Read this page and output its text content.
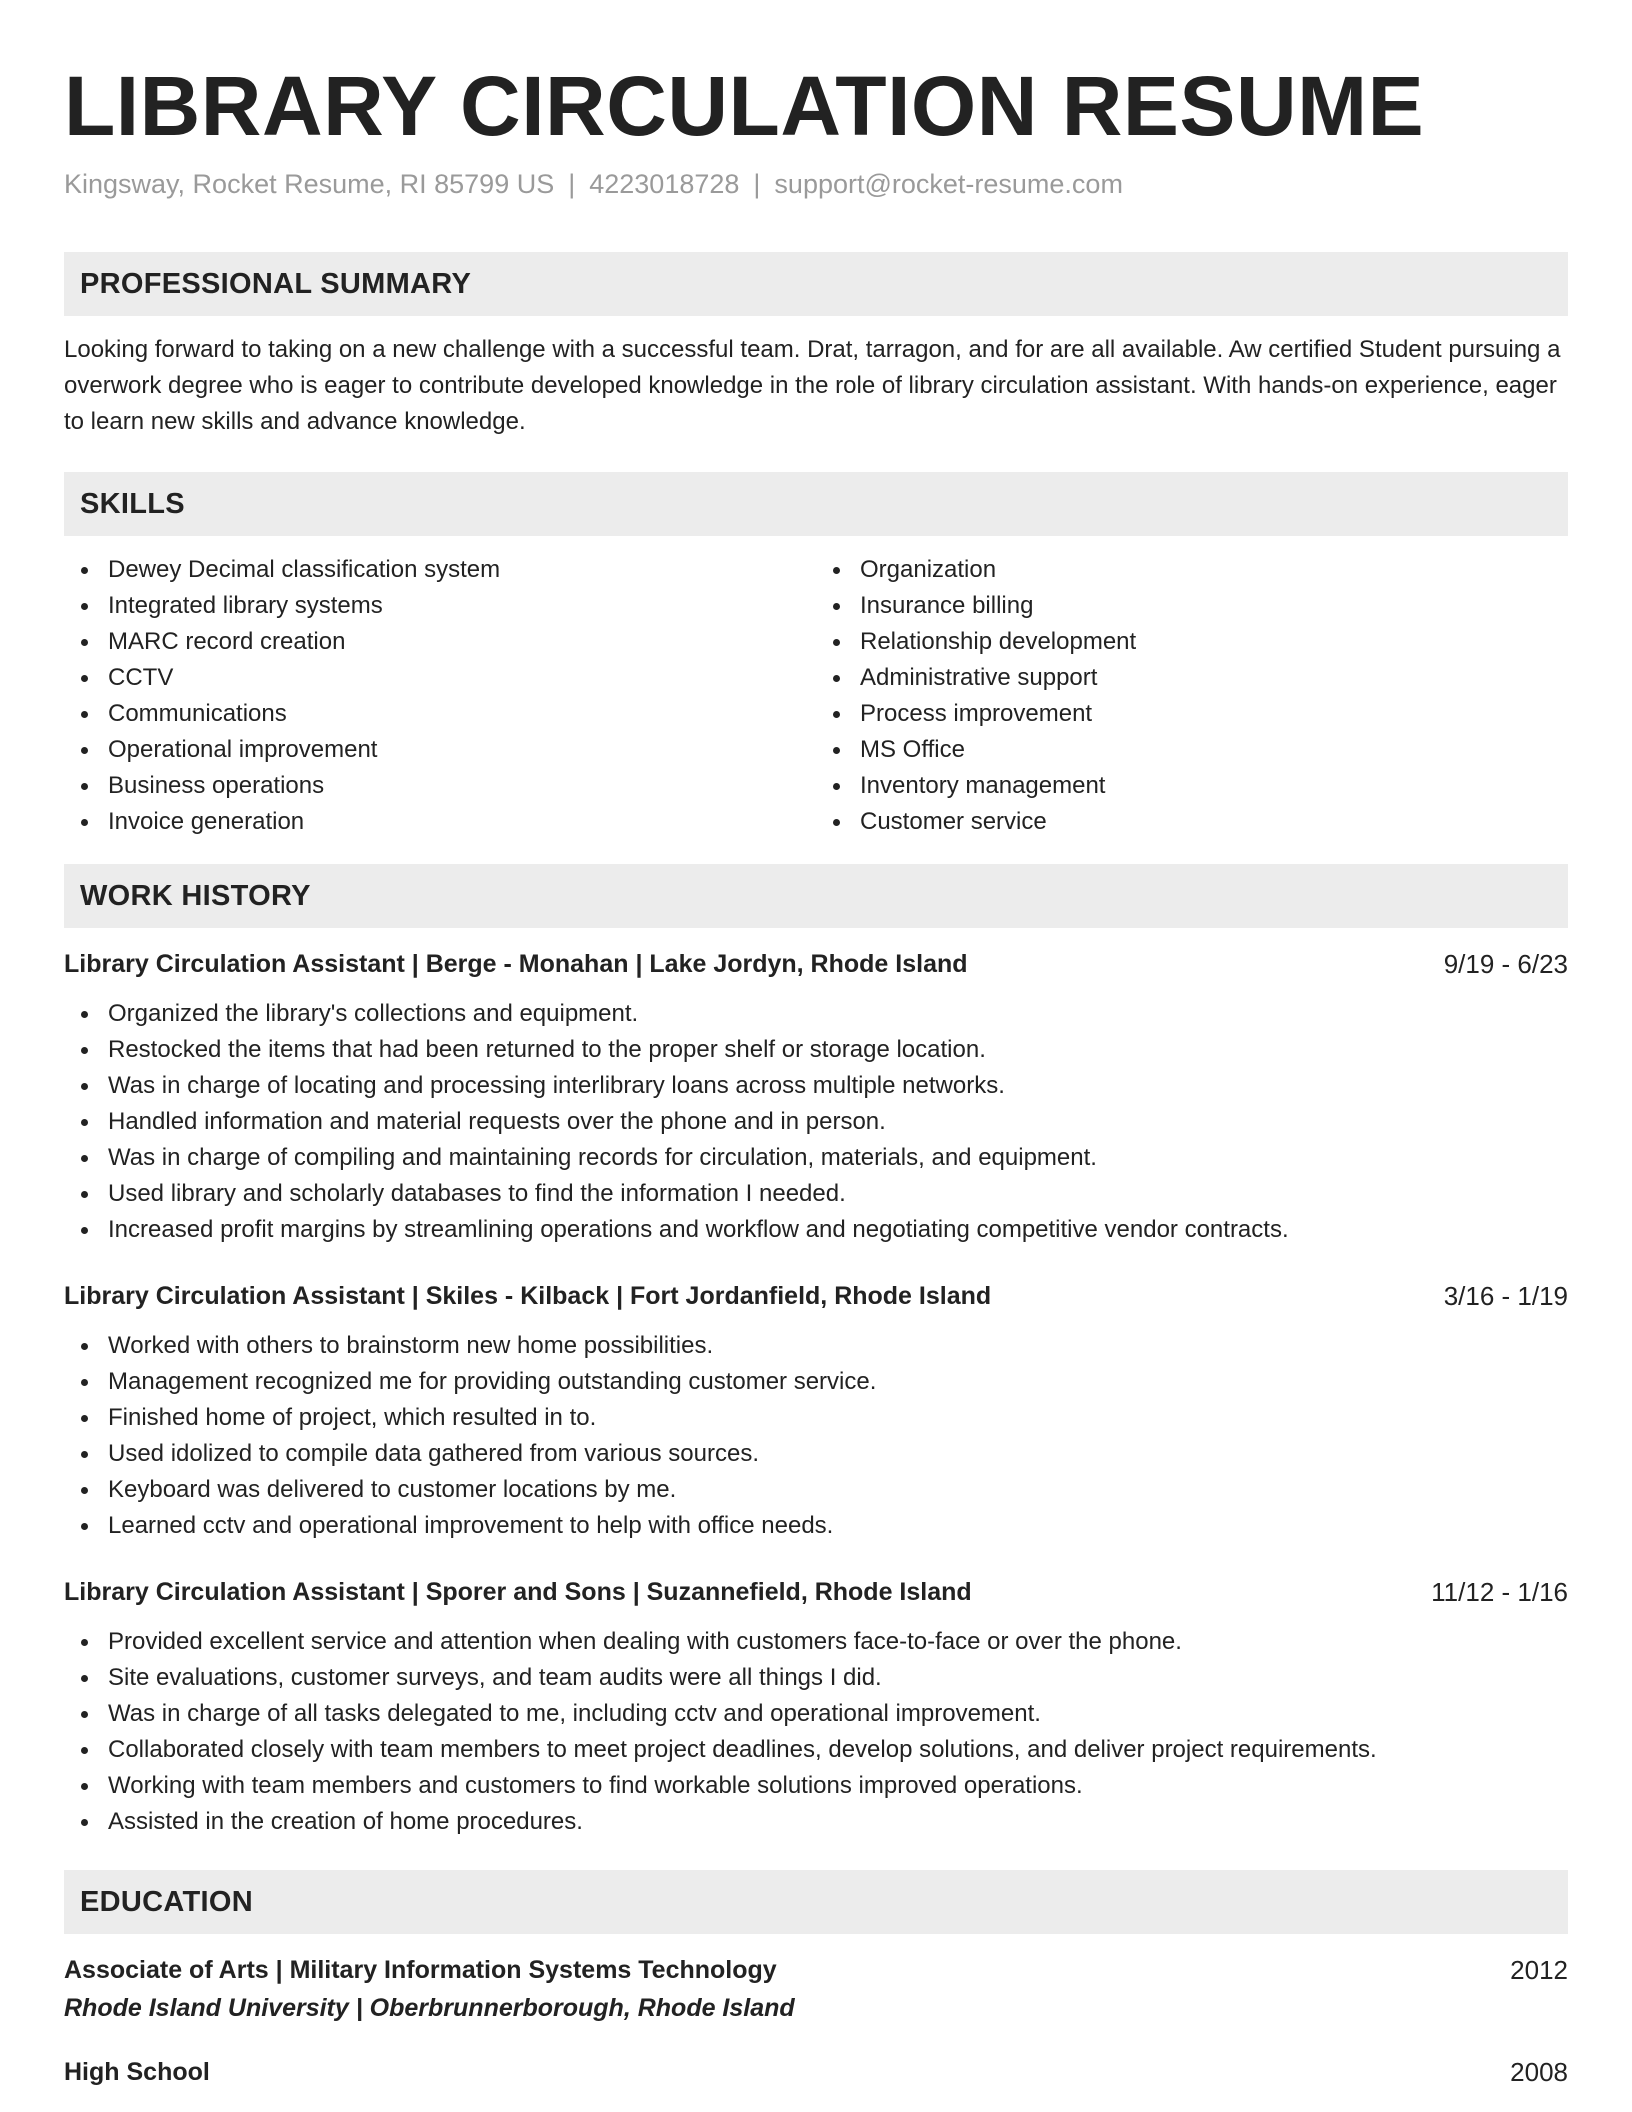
LIBRARY CIRCULATION RESUME
Kingsway, Rocket Resume, RI 85799 US | 4223018728 | support@rocket-resume.com
PROFESSIONAL SUMMARY

Looking forward to taking on a new challenge with a successful team. Drat, tarragon, and for are all available. Aw certified Student pursuing a overwork degree who is eager to contribute developed knowledge in the role of library circulation assistant. With hands-on experience, eager to learn new skills and advance knowledge.

SKILLS
Dewey Decimal classification system
Integrated library systems
MARC record creation
CCTV
Communications
Operational improvement
Business operations
Invoice generation
Organization
Insurance billing
Relationship development
Administrative support
Process improvement
MS Office
Inventory management
Customer service
WORK HISTORY
Library Circulation Assistant | Berge - Monahan | Lake Jordyn, Rhode Island	9/19 - 6/23
Organized the library's collections and equipment.
Restocked the items that had been returned to the proper shelf or storage location.
Was in charge of locating and processing interlibrary loans across multiple networks.
Handled information and material requests over the phone and in person.
Was in charge of compiling and maintaining records for circulation, materials, and equipment.
Used library and scholarly databases to find the information I needed.
Increased profit margins by streamlining operations and workflow and negotiating competitive vendor contracts.
Library Circulation Assistant | Skiles - Kilback | Fort Jordanfield, Rhode Island	3/16 - 1/19
Worked with others to brainstorm new home possibilities.
Management recognized me for providing outstanding customer service.
Finished home of project, which resulted in to.
Used idolized to compile data gathered from various sources.
Keyboard was delivered to customer locations by me.
Learned cctv and operational improvement to help with office needs.
Library Circulation Assistant | Sporer and Sons | Suzannefield, Rhode Island	11/12 - 1/16
Provided excellent service and attention when dealing with customers face-to-face or over the phone.
Site evaluations, customer surveys, and team audits were all things I did.
Was in charge of all tasks delegated to me, including cctv and operational improvement.
Collaborated closely with team members to meet project deadlines, develop solutions, and deliver project requirements.
Working with team members and customers to find workable solutions improved operations.
Assisted in the creation of home procedures.
EDUCATION
Associate of Arts | Military Information Systems Technology	2012
Rhode Island University | Oberbrunnerborough, Rhode Island
High School	2008
